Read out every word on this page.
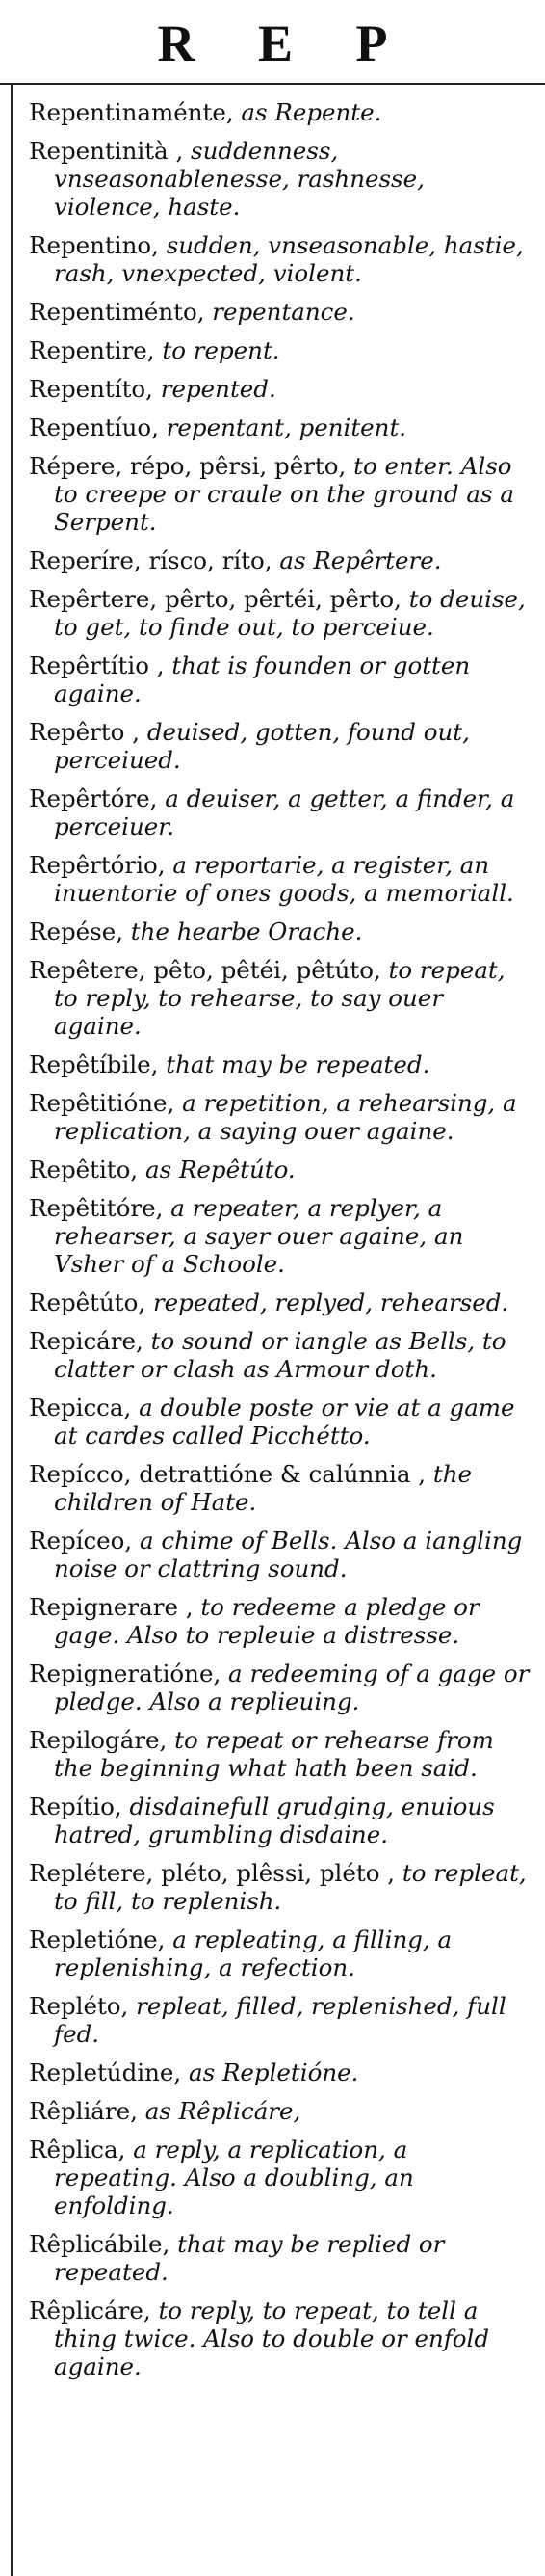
R E P
Repentinaménte, as Repente.
Repentinità , suddenness, vnseasonablenesse, rashnesse, violence, haste.
Repentino, sudden, vnseasonable, hastie, rash, vnexpected, violent.
Repentiménto, repentance.
Repentire, to repent.
Repentíto, repented.
Repentíuo, repentant, penitent.
Répere, répo, pêrsi, pêrto, to enter. Also to creepe or craule on the ground as a Serpent.
Reperíre, rísco, ríto, as Repêrtere.
Repêrtere, pêrto, pêrtéi, pêrto, to deuise, to get, to finde out, to perceiue.
Repêrtítio , that is founden or gotten againe.
Repêrto , deuised, gotten, found out, perceiued.
Repêrtóre, a deuiser, a getter, a finder, a perceiuer.
Repêrtório, a reportarie, a register, an inuentorie of ones goods, a memoriall.
Repése, the hearbe Orache.
Repêtere, pêto, pêtéi, pêtúto, to repeat, to reply, to rehearse, to say ouer againe.
Repêtíbile, that may be repeated.
Repêtitióne, a repetition, a rehearsing, a replication, a saying ouer againe.
Repêtito, as Repêtúto.
Repêtitóre, a repeater, a replyer, a rehearser, a sayer ouer againe, an Vsher of a Schoole.
Repêtúto, repeated, replyed, rehearsed.
Repicáre, to sound or iangle as Bells, to clatter or clash as Armour doth.
Repicca, a double poste or vie at a game at cardes called Picchétto.
Repícco, detrattióne & calúnnia , the children of Hate.
Repíceo, a chime of Bells. Also a iangling noise or clattring sound.
Repignerare , to redeeme a pledge or gage. Also to repleuie a distresse.
Repigneratióne, a redeeming of a gage or pledge. Also a replieuing.
Repilogáre, to repeat or rehearse from the beginning what hath been said.
Repítio, disdainefull grudging, enuious hatred, grumbling disdaine.
Replétere, pléto, plêssi, pléto , to repleat, to fill, to replenish.
Repletióne, a repleating, a filling, a replenishing, a refection.
Repléto, repleat, filled, replenished, full fed.
Repletúdine, as Repletióne.
Rêpliáre, as Rêplicáre,
Rêplica, a reply, a replication, a repeating. Also a doubling, an enfolding.
Rêplicábile, that may be replied or repeated.
Rêplicáre, to reply, to repeat, to tell a thing twice. Also to double or enfold againe.
